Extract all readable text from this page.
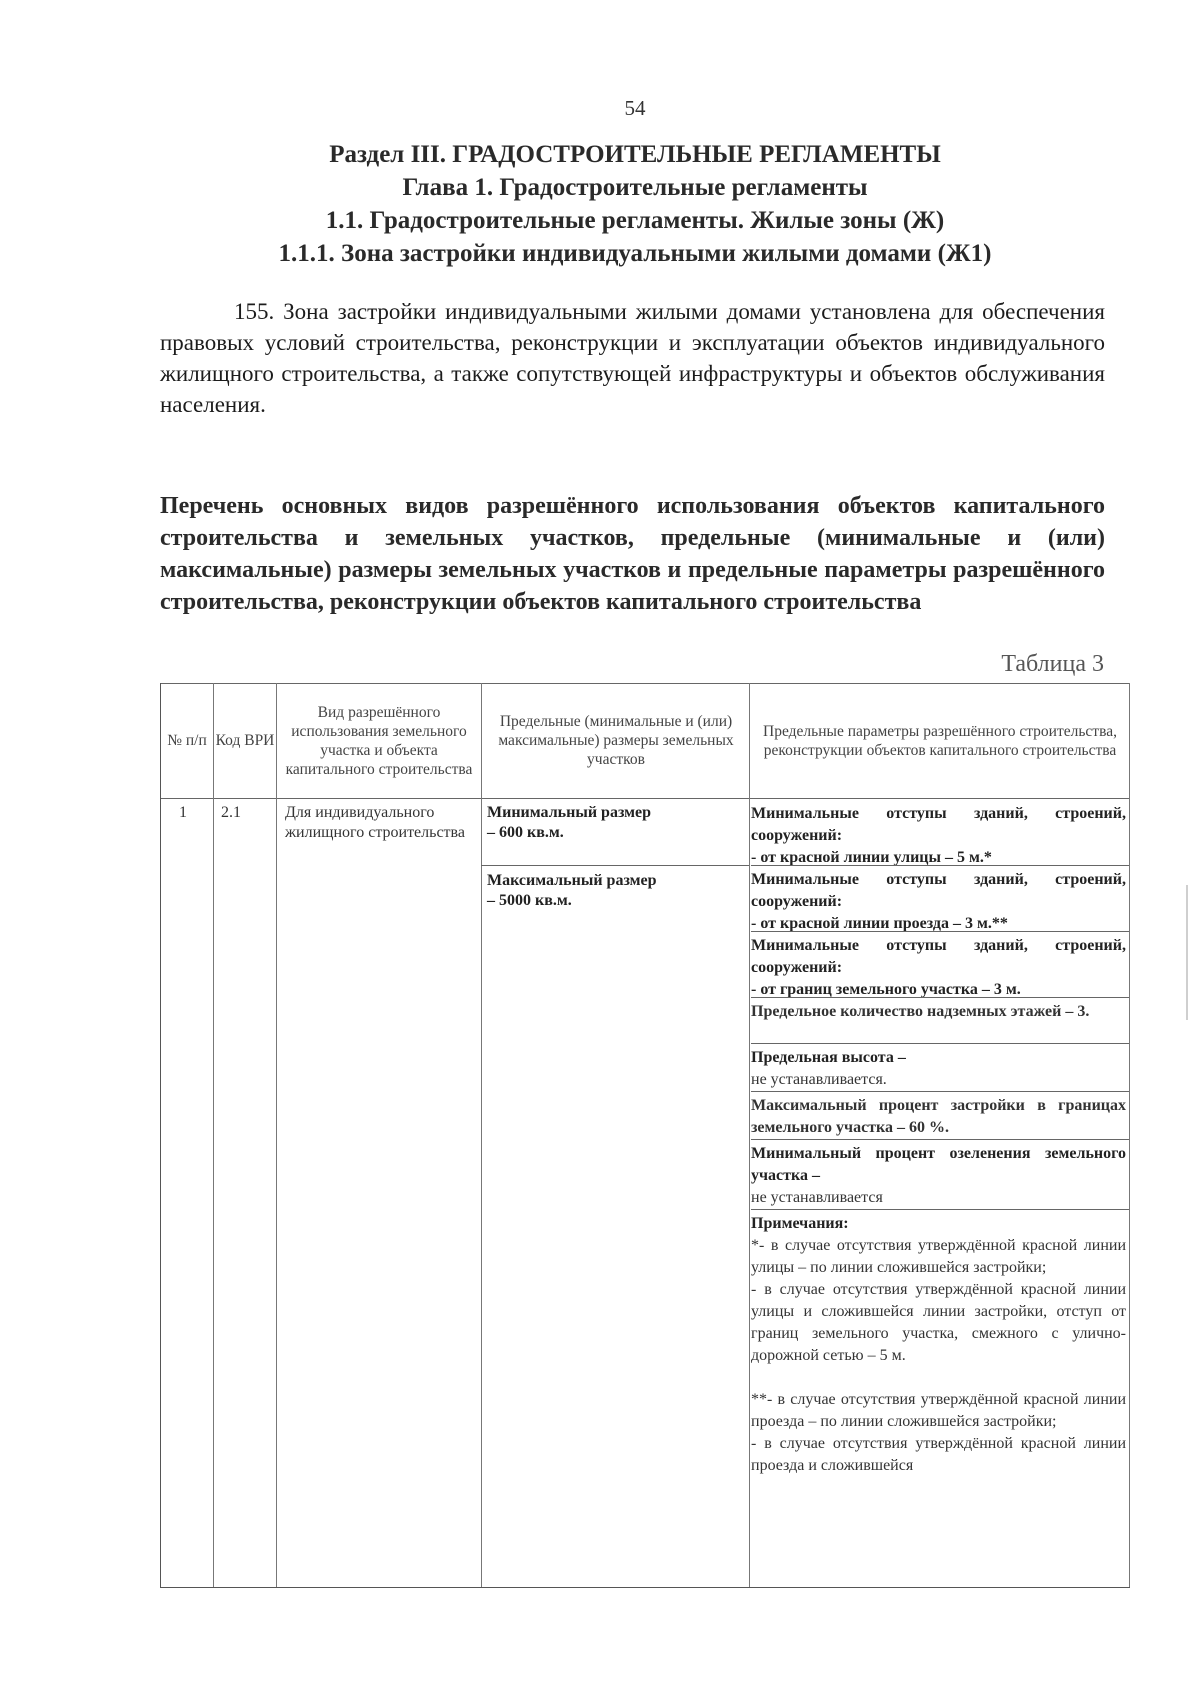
54
Раздел III. ГРАДОСТРОИТЕЛЬНЫЕ РЕГЛАМЕНТЫ
Глава 1. Градостроительные регламенты
1.1. Градостроительные регламенты. Жилые зоны (Ж)
1.1.1. Зона застройки индивидуальными жилыми домами (Ж1)
155. Зона застройки индивидуальными жилыми домами установлена для обеспечения правовых условий строительства, реконструкции и эксплуатации объектов индивидуального жилищного строительства, а также сопутствующей инфраструктуры и объектов обслуживания населения.
Перечень основных видов разрешённого использования объектов капитального строительства и земельных участков, предельные (минимальные и (или) максимальные) размеры земельных участков и предельные параметры разрешённого строительства, реконструкции объектов капитального строительства
Таблица 3
№ п/п Код ВРИ
Вид разрешённого использования земельного участка и объекта капитального строительства
Предельные (минимальные и (или) максимальные) размеры земельных участков
Предельные параметры разрешённого строительства, реконструкции объектов капитального строительства
1 2.1	Для индивидуального жилищного строительства
Минимальный размер – 600 кв.м.
Максимальный размер – 5000 кв.м.
Минимальные отступы зданий, строений, сооружений:
- от красной линии улицы – 5 м.*
Минимальные отступы зданий, строений, сооружений:
- от красной линии проезда – 3 м.**
Минимальные отступы зданий, строений, сооружений:
- от границ земельного участка – 3 м.
Предельное количество надземных этажей – 3.
Предельная высота –
не устанавливается.
Максимальный процент застройки в границах земельного участка – 60 %.
Минимальный процент озеленения земельного участка –
не устанавливается
Примечания:
*- в случае отсутствия утверждённой красной линии улицы – по линии сложившейся застройки;
- в случае отсутствия утверждённой красной линии улицы и сложившейся линии застройки, отступ от границ земельного участка, смежного с улично-дорожной сетью – 5 м.
**- в случае отсутствия утверждённой красной линии проезда – по линии сложившейся застройки;
- в случае отсутствия утверждённой красной линии проезда и сложившейся
